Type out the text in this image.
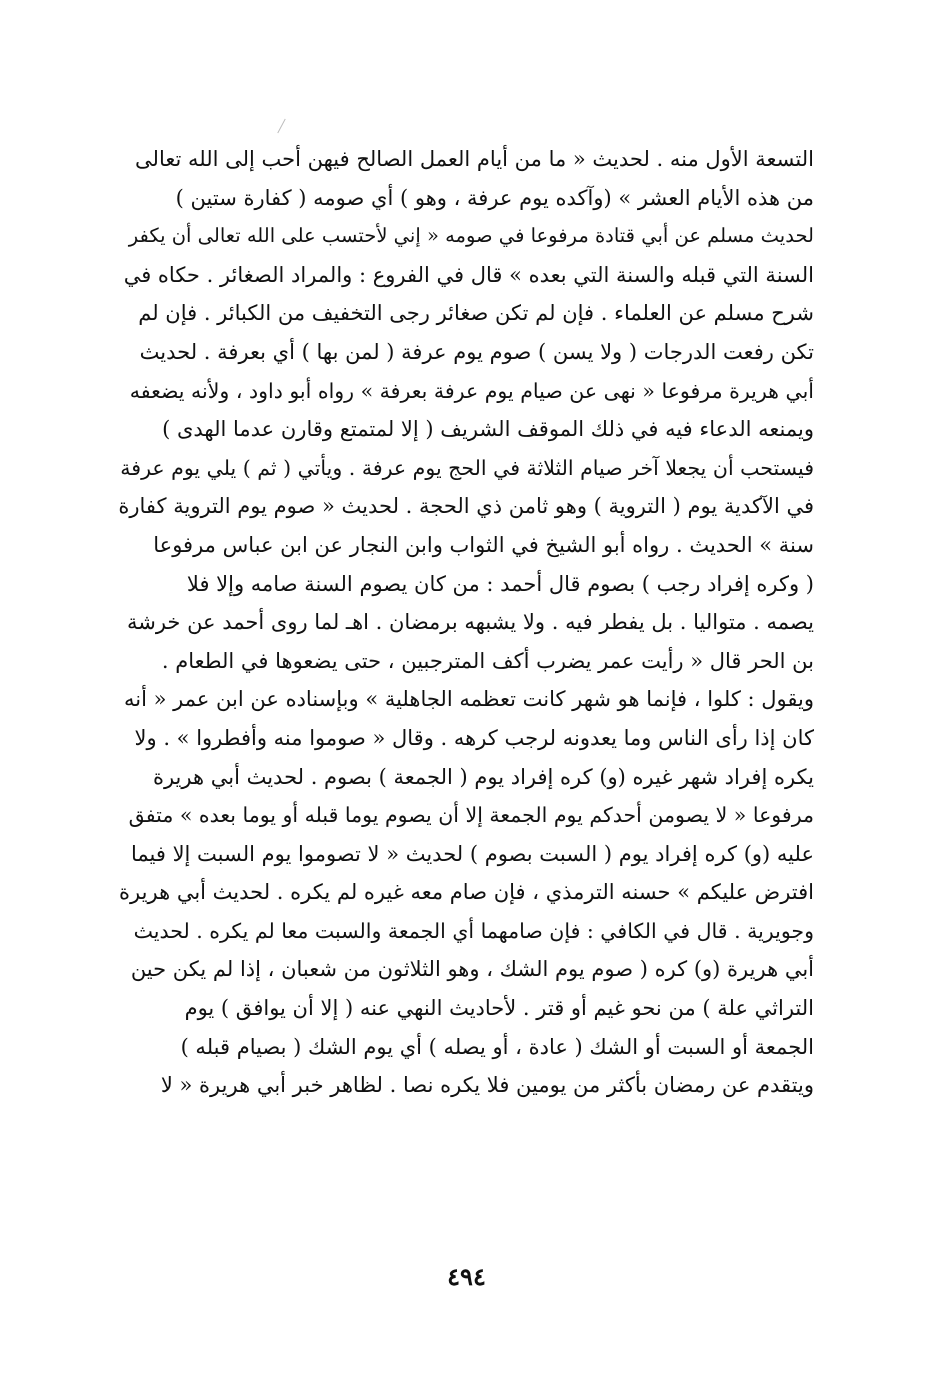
التسعة الأول منه . لحديث « ما من أيام العمل الصالح فيهن أحب إلى الله تعالى
من هذه الأيام العشر » (وآكده يوم عرفة ، وهو ) أي صومه ( كفارة ستين )
لحديث مسلم عن أبي قتادة مرفوعا في صومه « إني لأحتسب على الله تعالى أن يكفر
السنة التي قبله والسنة التي بعده » قال في الفروع : والمراد الصغائر . حكاه في
شرح مسلم عن العلماء . فإن لم تكن صغائر رجى التخفيف من الكبائر . فإن لم
تكن رفعت الدرجات ( ولا يسن ) صوم يوم عرفة ( لمن بها ) أي بعرفة . لحديث
أبي هريرة مرفوعا « نهى عن صيام يوم عرفة بعرفة » رواه أبو داود ، ولأنه يضعفه
ويمنعه الدعاء فيه في ذلك الموقف الشريف ( إلا لمتمتع وقارن عدما الهدى )
فيستحب أن يجعلا آخر صيام الثلاثة في الحج يوم عرفة . ويأتي ( ثم ) يلي يوم عرفة
في الآكدية يوم ( التروية ) وهو ثامن ذي الحجة . لحديث « صوم يوم التروية كفارة
سنة » الحديث . رواه أبو الشيخ في الثواب وابن النجار عن ابن عباس مرفوعا
( وكره إفراد رجب ) بصوم قال أحمد : من كان يصوم السنة صامه وإلا فلا
يصمه . متواليا . بل يفطر فيه . ولا يشبهه برمضان . اهـ لما روى أحمد عن خرشة
بن الحر قال « رأيت عمر يضرب أكف المترجبين ، حتى يضعوها في الطعام .
ويقول : كلوا ، فإنما هو شهر كانت تعظمه الجاهلية » وبإسناده عن ابن عمر « أنه
كان إذا رأى الناس وما يعدونه لرجب كرهه . وقال « صوموا منه وأفطروا » . ولا
يكره إفراد شهر غيره (و) كره إفراد يوم ( الجمعة ) بصوم . لحديث أبي هريرة
مرفوعا « لا يصومن أحدكم يوم الجمعة إلا أن يصوم يوما قبله أو يوما بعده » متفق
عليه (و) كره إفراد يوم ( السبت بصوم ) لحديث « لا تصوموا يوم السبت إلا فيما
افترض عليكم » حسنه الترمذي ، فإن صام معه غيره لم يكره . لحديث أبي هريرة
وجويرية . قال في الكافي : فإن صامهما أي الجمعة والسبت معا لم يكره . لحديث
أبي هريرة (و) كره ( صوم يوم الشك ، وهو الثلاثون من شعبان ، إذا لم يكن حين
التراثي علة ) من نحو غيم أو قتر . لأحاديث النهي عنه ( إلا أن يوافق ) يوم
الجمعة أو السبت أو الشك ( عادة ، أو يصله ) أي يوم الشك ( بصيام قبله )
ويتقدم عن رمضان بأكثر من يومين فلا يكره نصا . لظاهر خبر أبي هريرة « لا
٤٩٤
